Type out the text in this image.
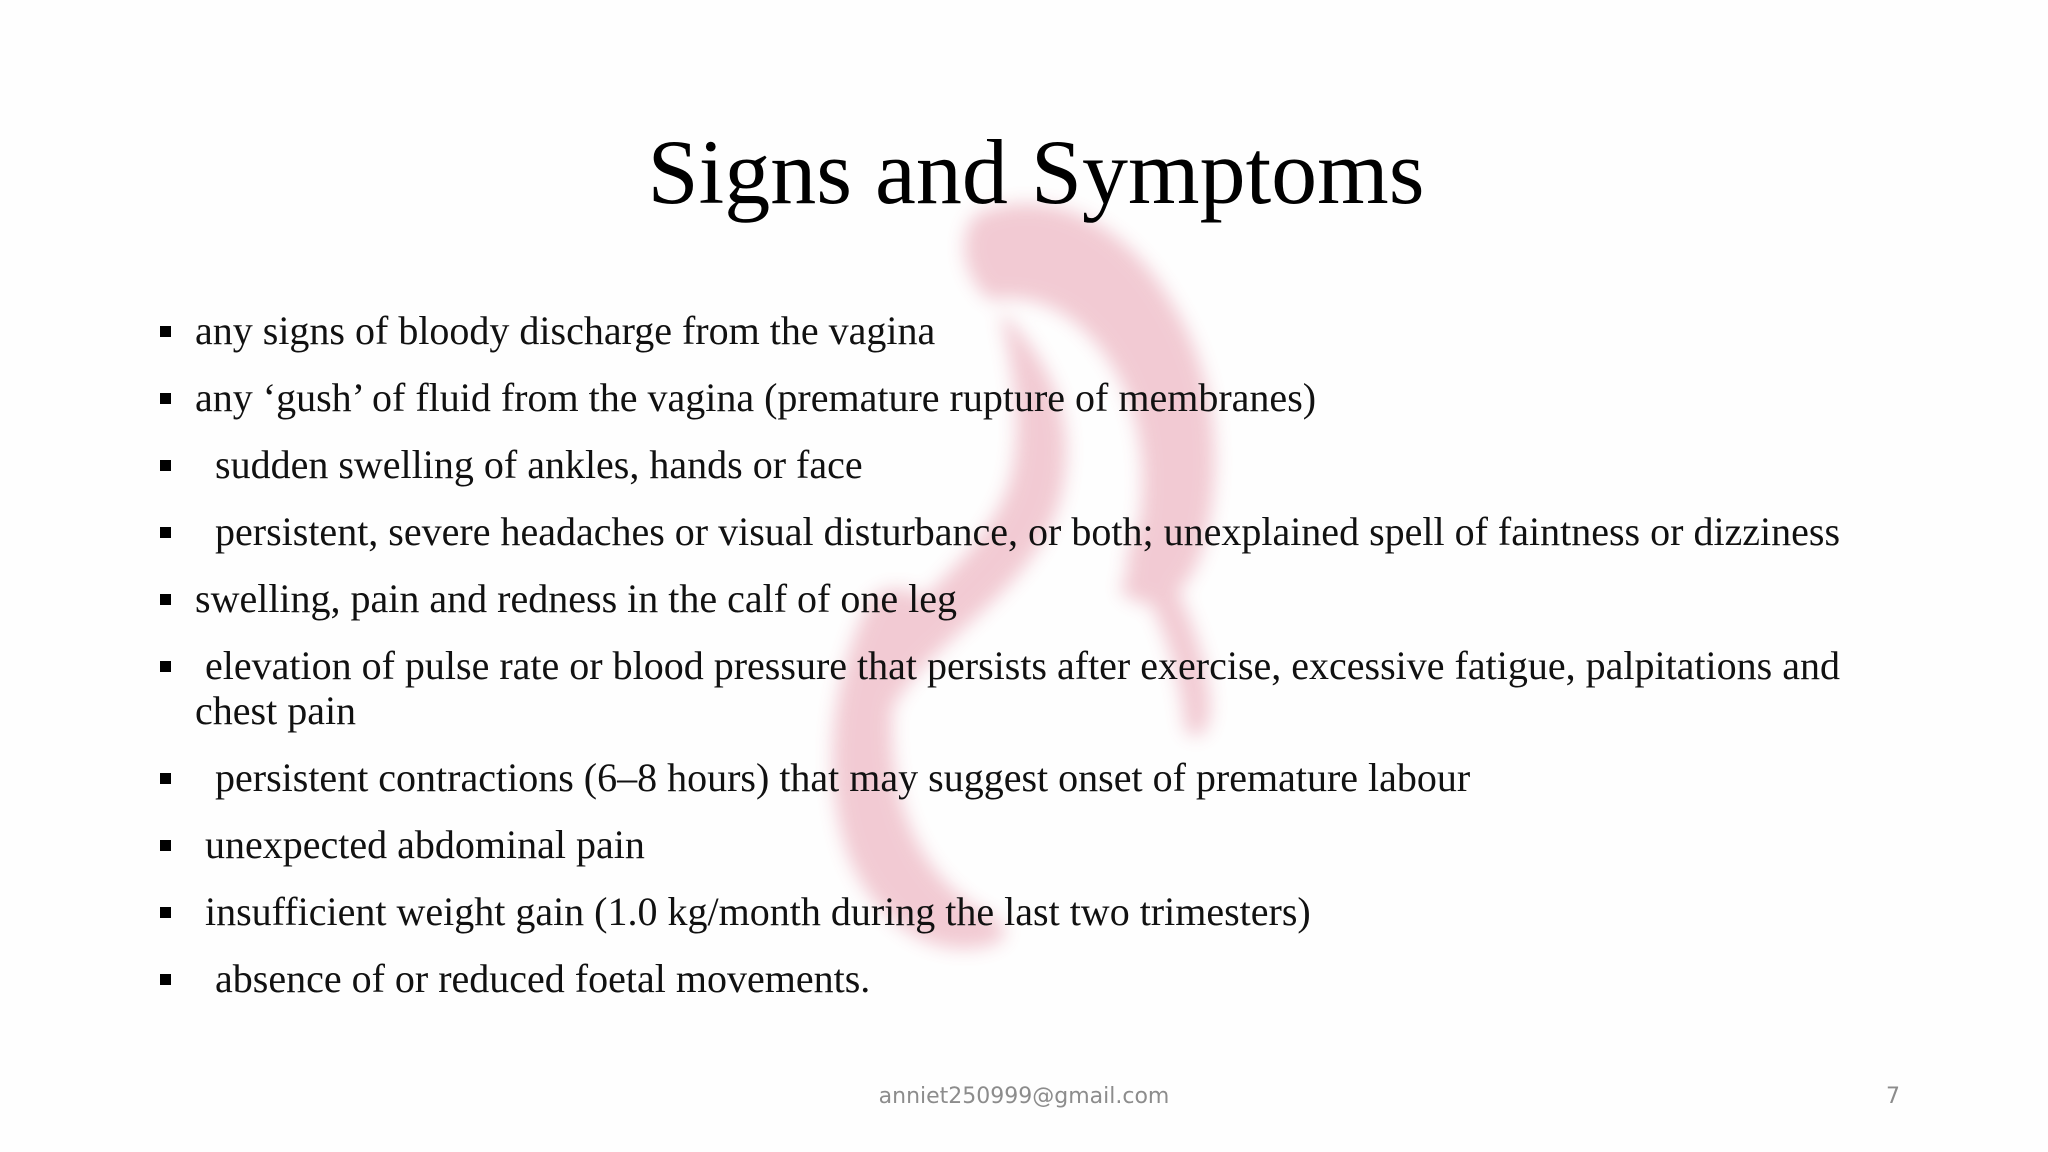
Signs and Symptoms
any signs of bloody discharge from the vagina
any ‘gush’ of fluid from the vagina (premature rupture of membranes)
sudden swelling of ankles, hands or face
persistent, severe headaches or visual disturbance, or both; unexplained spell of faintness or dizziness
swelling, pain and redness in the calf of one leg
elevation of pulse rate or blood pressure that persists after exercise, excessive fatigue, palpitations and chest pain
persistent contractions (6–8 hours) that may suggest onset of premature labour
unexpected abdominal pain
insufficient weight gain (1.0 kg/month during the last two trimesters)
absence of or reduced foetal movements.
anniet250999@gmail.com	7
